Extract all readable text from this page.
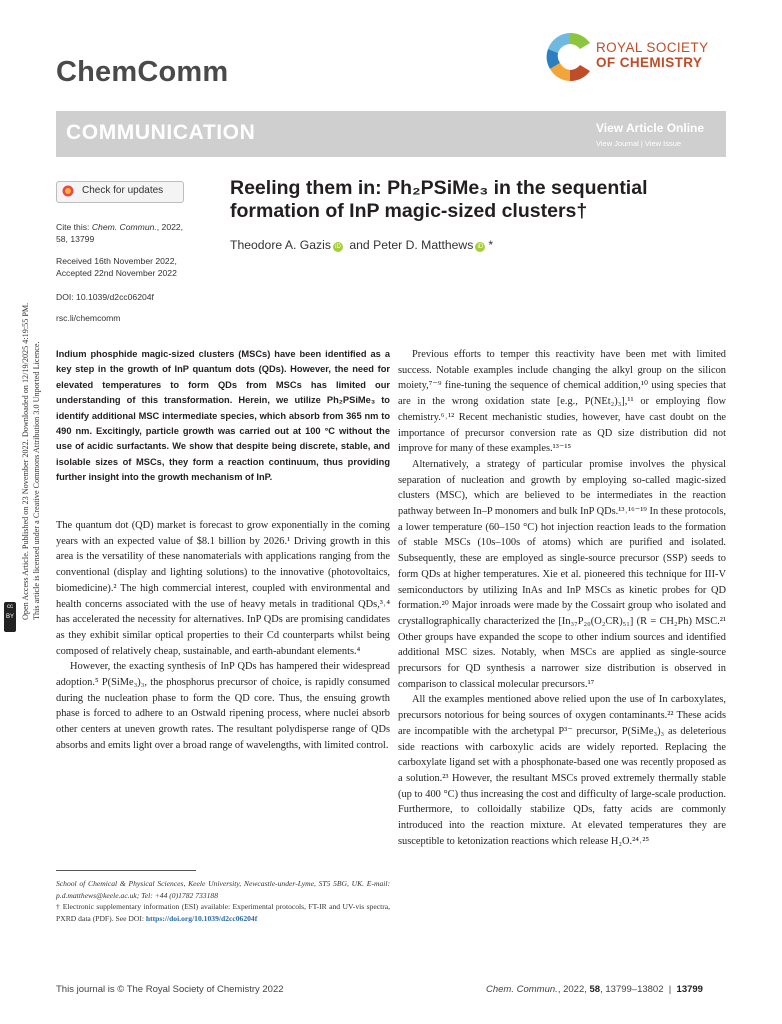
Open Access Article. Published on 23 November 2022. Downloaded on 12/19/2025 4:19:55 PM. This article is licensed under a Creative Commons Attribution 3.0 Unported Licence.
cc BY
ChemComm
ROYAL SOCIETY
OF CHEMISTRY
COMMUNICATION	View Article Online
View Journal | View Issue
Check for updates
Cite this: Chem. Commun., 2022,
58, 13799
Received 16th November 2022,
Accepted 22nd November 2022
DOI: 10.1039/d2cc06204f
rsc.li/chemcomm
Reeling them in: Ph₂PSiMe₃ in the sequential
formation of InP magic-sized clusters†
Theodore A. Gazis iD and Peter D. Matthews iD *
Indium phosphide magic-sized clusters (MSCs) have been identified as a key step in the growth of InP quantum dots (QDs). However, the need for elevated temperatures to form QDs from MSCs has limited our understanding of this transformation. Herein, we utilize Ph₂PSiMe₃ to identify additional MSC intermediate species, which absorb from 365 nm to 490 nm. Excitingly, particle growth was carried out at 100 °C without the use of acidic surfactants. We show that despite being discrete, stable, and isolable sizes of MSCs, they form a reaction continuum, thus providing further insight into the growth mechanism of InP.

The quantum dot (QD) market is forecast to grow exponentially in the coming years with an expected value of $8.1 billion by 2026.¹ Driving growth in this area is the versatility of these nanomaterials with applications ranging from the conventional (display and lighting solutions) to the innovative (photovoltaics, biomedicine).² The high commercial interest, coupled with environmental and health concerns associated with the use of heavy metals in traditional QDs,³˒⁴ has accelerated the necessity for alternatives. InP QDs are promising candidates as they exhibit similar optical properties to their Cd counterparts whilst being composed of relatively cheap, sustainable, and earth-abundant elements.⁴

However, the exacting synthesis of InP QDs has hampered their widespread adoption.⁵ P(SiMe₃)₃, the phosphorus precursor of choice, is rapidly consumed during the nucleation phase to form the QD core. Thus, the ensuing growth phase is forced to adhere to an Ostwald ripening process, where nuclei absorb other centers at uneven growth rates. The resultant polydisperse range of QDs absorbs and emits light over a broad range of wavelengths, with limited control.

Previous efforts to temper this reactivity have been met with limited success. Notable examples include changing the alkyl group on the silicon moiety,⁷⁻⁹ fine-tuning the sequence of chemical addition,¹⁰ using species that are in the wrong oxidation state [e.g., P(NEt₂)₃],¹¹ or employing flow chemistry.⁶˒¹² Recent mechanistic studies, however, have cast doubt on the importance of precursor conversion rate as QD size distribution did not improve for many of these examples.¹³⁻¹⁵

Alternatively, a strategy of particular promise involves the physical separation of nucleation and growth by employing so-called magic-sized clusters (MSC), which are believed to be intermediates in the reaction pathway between In–P monomers and bulk InP QDs.¹³˒¹⁶⁻¹⁹ In these protocols, a lower temperature (60–150 °C) hot injection reaction leads to the formation of stable MSCs (10s–100s of atoms) which are purified and isolated. Subsequently, these are employed as single-source precursor (SSP) seeds to form QDs at higher temperatures. Xie et al. pioneered this technique for III-V semiconductors by utilizing InAs and InP MSCs as kinetic probes for QD formation.²⁰ Major inroads were made by the Cossairt group who isolated and crystallographically characterized the [In₃₇P₂₀(O₂CR)₅₁] (R = CH₂Ph) MSC.²¹ Other groups have expanded the scope to other indium sources and identified additional MSC sizes. Notably, when MSCs are applied as single-source precursors for QD synthesis a narrower size distribution is observed in comparison to classical molecular precursors.¹⁷

All the examples mentioned above relied upon the use of In carboxylates, precursors notorious for being sources of oxygen contaminants.²² These acids are incompatible with the archetypal P³⁻ precursor, P(SiMe₃)₃ as deleterious side reactions with carboxylic acids are widely reported. Replacing the carboxylate ligand set with a phosphonate-based one was recently proposed as a solution.²³ However, the resultant MSCs proved extremely thermally stable (up to 400 °C) thus increasing the cost and difficulty of large-scale production. Furthermore, to colloidally stabilize QDs, fatty acids are commonly introduced into the reaction mixture. At elevated temperatures they are susceptible to ketonization reactions which release H₂O.²⁴˒²⁵

School of Chemical & Physical Sciences, Keele University, Newcastle-under-Lyme, ST5 5BG, UK. E-mail: p.d.matthews@keele.ac.uk; Tel: +44 (0)1782 733188
† Electronic supplementary information (ESI) available: Experimental protocols, FT-IR and UV-vis spectra, PXRD data (PDF). See DOI: https://doi.org/10.1039/d2cc06204f
This journal is © The Royal Society of Chemistry 2022	Chem. Commun., 2022, 58, 13799–13802 | 13799
